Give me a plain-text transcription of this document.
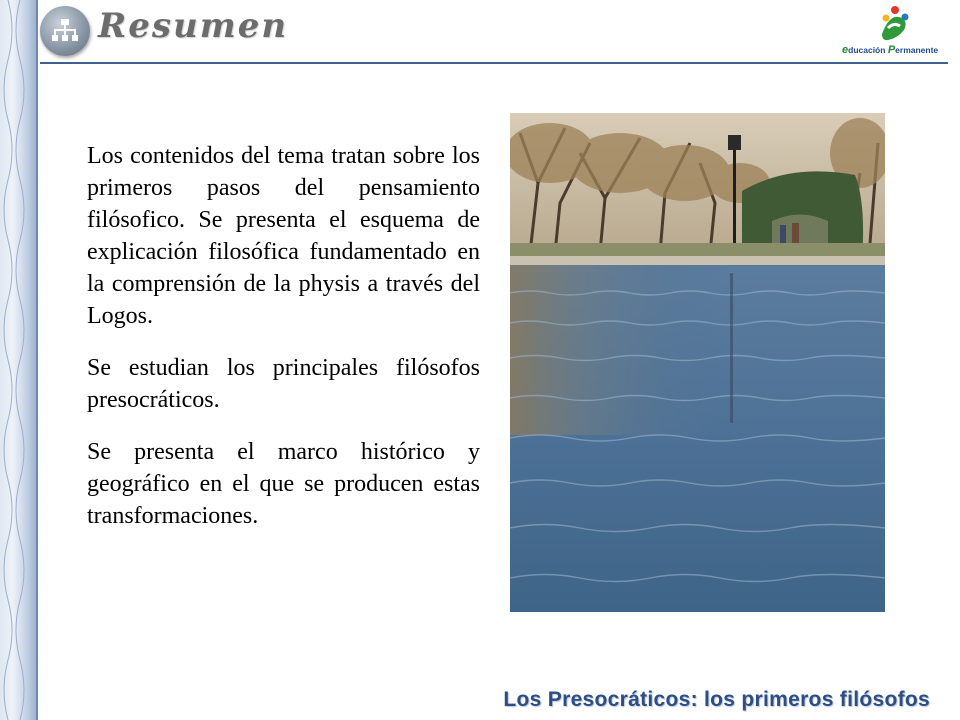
Resumen
educación Permanente

Los contenidos del tema tratan sobre los primeros pasos del pensamiento filósofico. Se presenta el esquema de explicación filosófica fundamentado en la comprensión de la physis a través del Logos.

Se estudian los principales filósofos presocráticos.

Se presenta el marco histórico y geográfico en el que se producen estas transformaciones.

Los Presocráticos: los primeros filósofos
